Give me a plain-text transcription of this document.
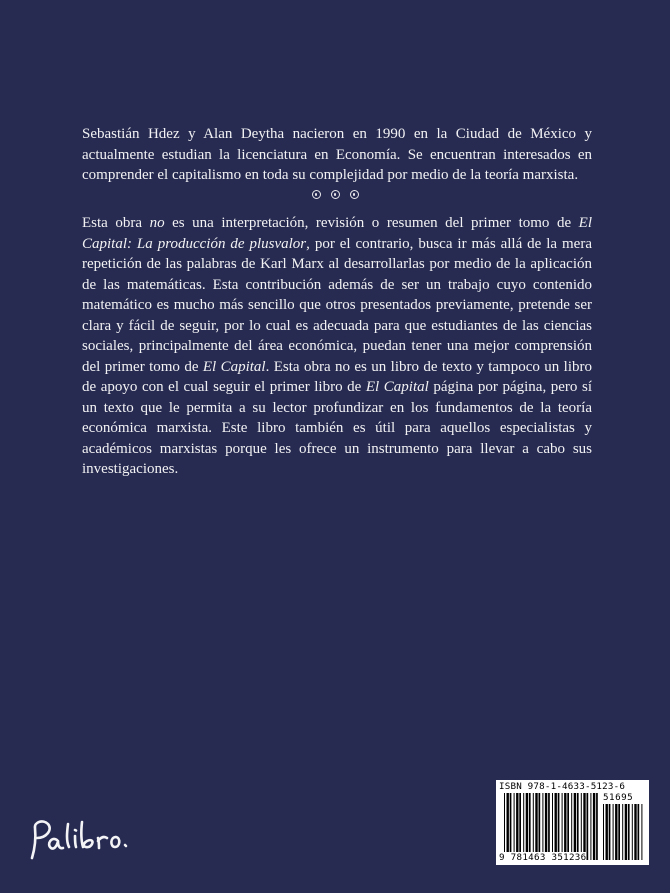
Sebastián Hdez y Alan Deytha nacieron en 1990 en la Ciudad de México y actualmente estudian la licenciatura en Economía. Se encuentran interesados en comprender el capitalismo en toda su complejidad por medio de la teoría marxista.

Esta obra no es una interpretación, revisión o resumen del primer tomo de El Capital: La producción de plusvalor, por el contrario, busca ir más allá de la mera repetición de las palabras de Karl Marx al desarrollarlas por medio de la aplicación de las matemáticas. Esta contribución además de ser un trabajo cuyo contenido matemático es mucho más sencillo que otros presentados previamente, pretende ser clara y fácil de seguir, por lo cual es adecuada para que estudiantes de las ciencias sociales, principalmente del área económica, puedan tener una mejor comprensión del primer tomo de El Capital. Esta obra no es un libro de texto y tampoco un libro de apoyo con el cual seguir el primer libro de El Capital página por página, pero sí un texto que le permita a su lector profundizar en los fundamentos de la teoría económica marxista. Este libro también es útil para aquellos especialistas y académicos marxistas porque les ofrece un instrumento para llevar a cabo sus investigaciones.

ISBN 978-1-4633-5123-6
51695
9 781463 351236
